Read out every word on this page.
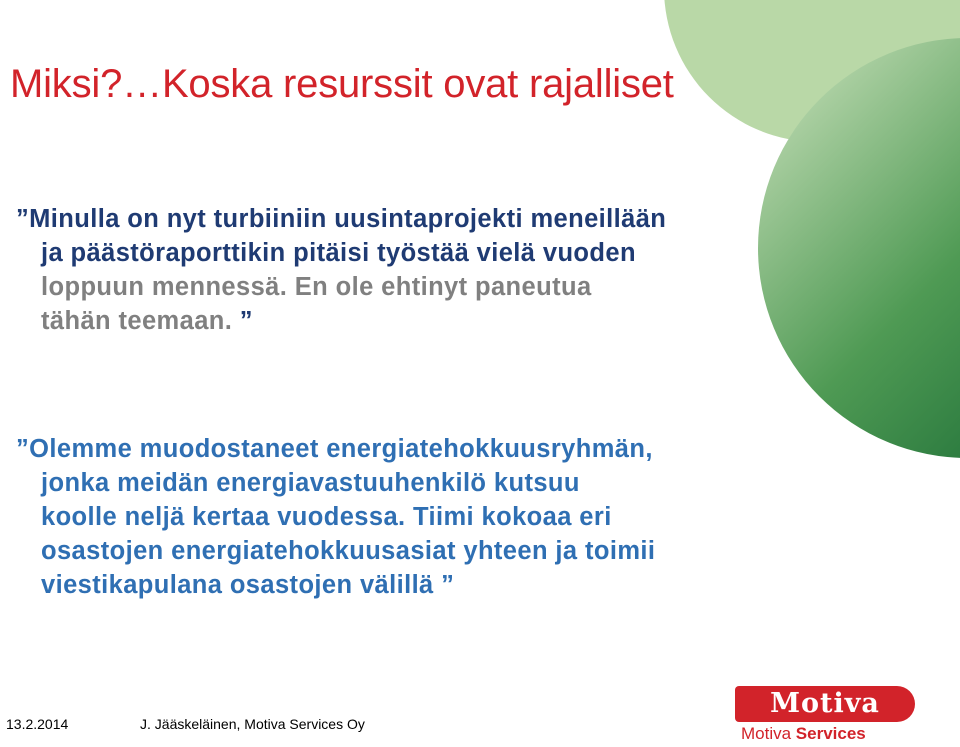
Miksi?…Koska resurssit ovat rajalliset
”Minulla on nyt turbiiniin uusintaprojekti meneillään
ja päästöraporttikin pitäisi työstää vielä vuoden
loppuun mennessä. En ole ehtinyt paneutua
tähän teemaan. ”
”Olemme muodostaneet energiatehokkuusryhmän,
jonka meidän energiavastuuhenkilö kutsuu
koolle neljä kertaa vuodessa. Tiimi kokoaa eri
osastojen energiatehokkuusasiat yhteen ja toimii
viestikapulana osastojen välillä ”
13.2.2014	J. Jääskeläinen, Motiva Services Oy
Motiva
Motiva Services
